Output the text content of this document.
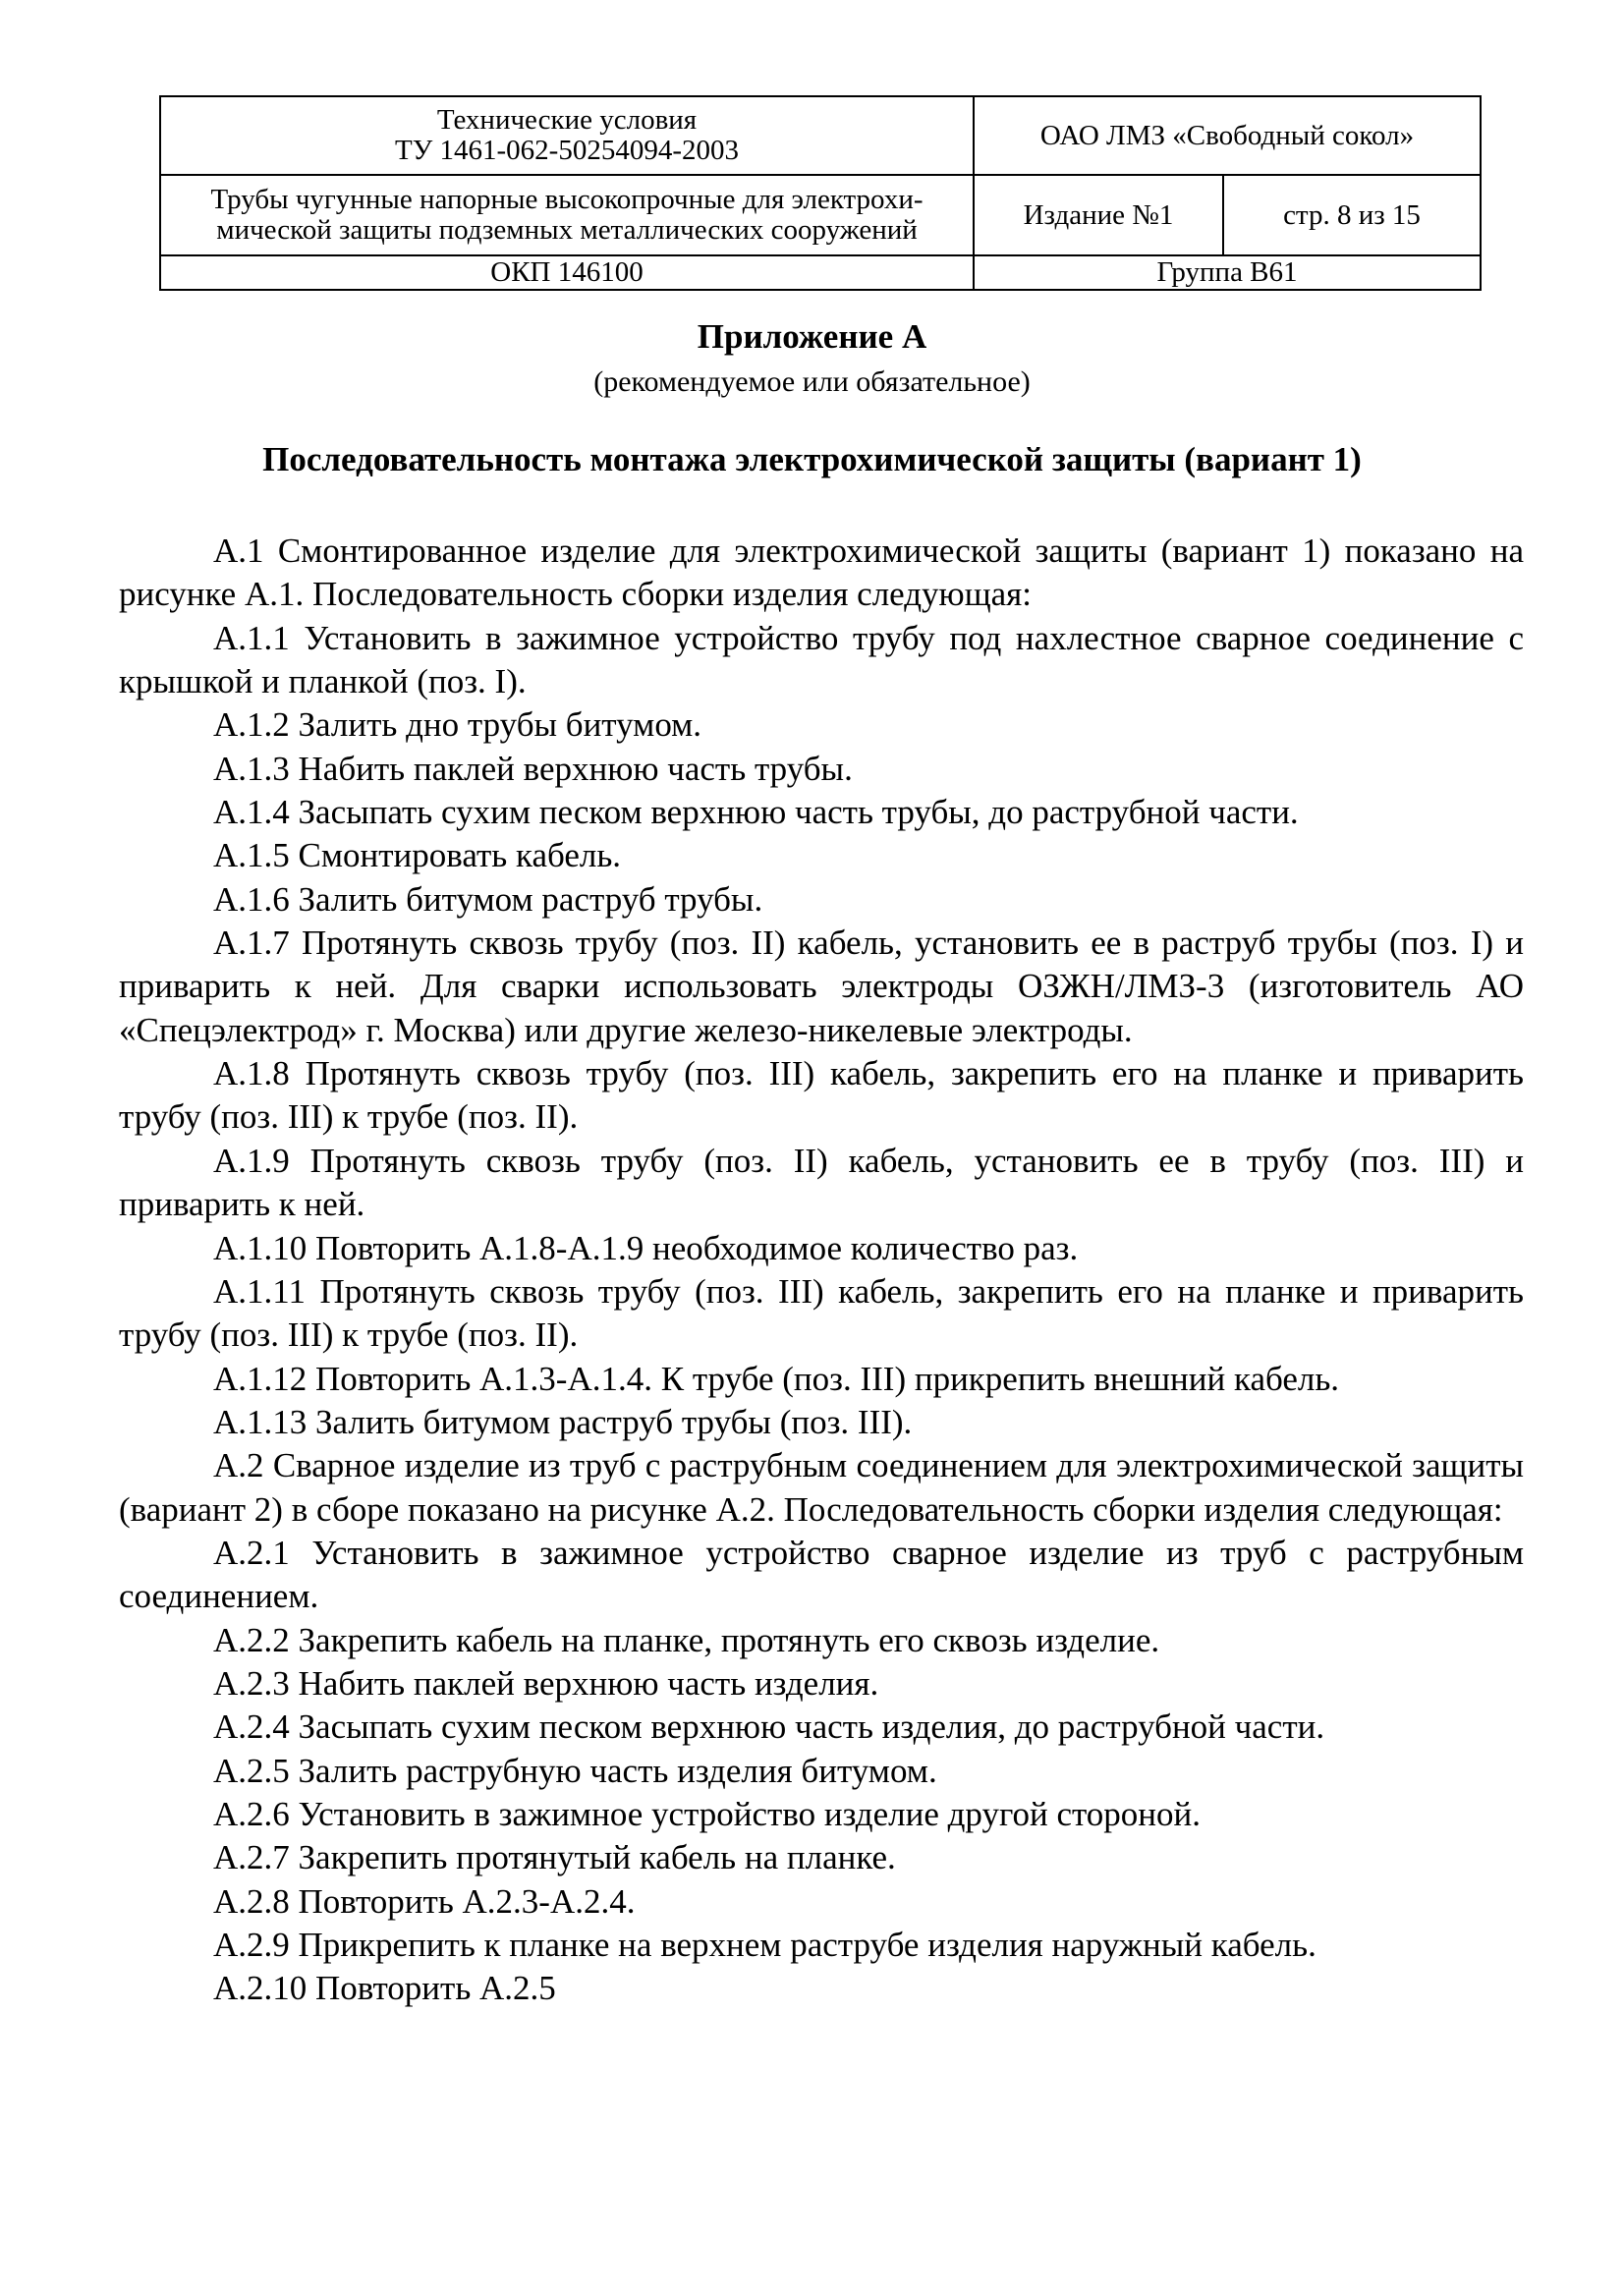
Технические условия
ТУ 1461-062-50254094-2003	ОАО ЛМЗ «Свободный сокол»	

Трубы чугунные напорные высокопрочные для электрохи-
мической защиты подземных металлических сооружений	Издание №1	стр. 8 из 15
ОКП 146100	Группа В61	
Приложение А
(рекомендуемое или обязательное)
Последовательность монтажа электрохимической защиты (вариант 1)

А.1 Смонтированное изделие для электрохимической защиты (вариант 1) показано на рисунке А.1. Последовательность сборки изделия следующая:

А.1.1 Установить в зажимное устройство трубу под нахлестное сварное соединение с крышкой и планкой (поз. I).

А.1.2 Залить дно трубы битумом.

А.1.3 Набить паклей верхнюю часть трубы.

А.1.4 Засыпать сухим песком верхнюю часть трубы, до раструбной части.

А.1.5 Смонтировать кабель.

А.1.6 Залить битумом раструб трубы.

А.1.7 Протянуть сквозь трубу (поз. II) кабель, установить ее в раструб трубы (поз. I) и приварить к ней. Для сварки использовать электроды ОЗЖН/ЛМЗ-3 (изготовитель АО «Спецэлектрод» г. Москва) или другие железо-никелевые электроды.

А.1.8 Протянуть сквозь трубу (поз. III) кабель, закрепить его на планке и приварить трубу (поз. III) к трубе (поз. II).

А.1.9 Протянуть сквозь трубу (поз. II) кабель, установить ее в трубу (поз. III) и приварить к ней.

А.1.10 Повторить А.1.8-А.1.9 необходимое количество раз.

А.1.11 Протянуть сквозь трубу (поз. III) кабель, закрепить его на планке и приварить трубу (поз. III) к трубе (поз. II).

А.1.12 Повторить А.1.3-А.1.4. К трубе (поз. III) прикрепить внешний кабель.

А.1.13 Залить битумом раструб трубы (поз. III).

А.2 Сварное изделие из труб с раструбным соединением для электрохимической защиты (вариант 2) в сборе показано на рисунке А.2. Последовательность сборки изделия следующая:

А.2.1 Установить в зажимное устройство сварное изделие из труб с раструбным соединением.

А.2.2 Закрепить кабель на планке, протянуть его сквозь изделие.

А.2.3 Набить паклей верхнюю часть изделия.

А.2.4 Засыпать сухим песком верхнюю часть изделия, до раструбной части.

А.2.5 Залить раструбную часть изделия битумом.

А.2.6 Установить в зажимное устройство изделие другой стороной.

А.2.7 Закрепить протянутый кабель на планке.

А.2.8 Повторить А.2.3-А.2.4.

А.2.9 Прикрепить к планке на верхнем раструбе изделия наружный кабель.

А.2.10 Повторить А.2.5
